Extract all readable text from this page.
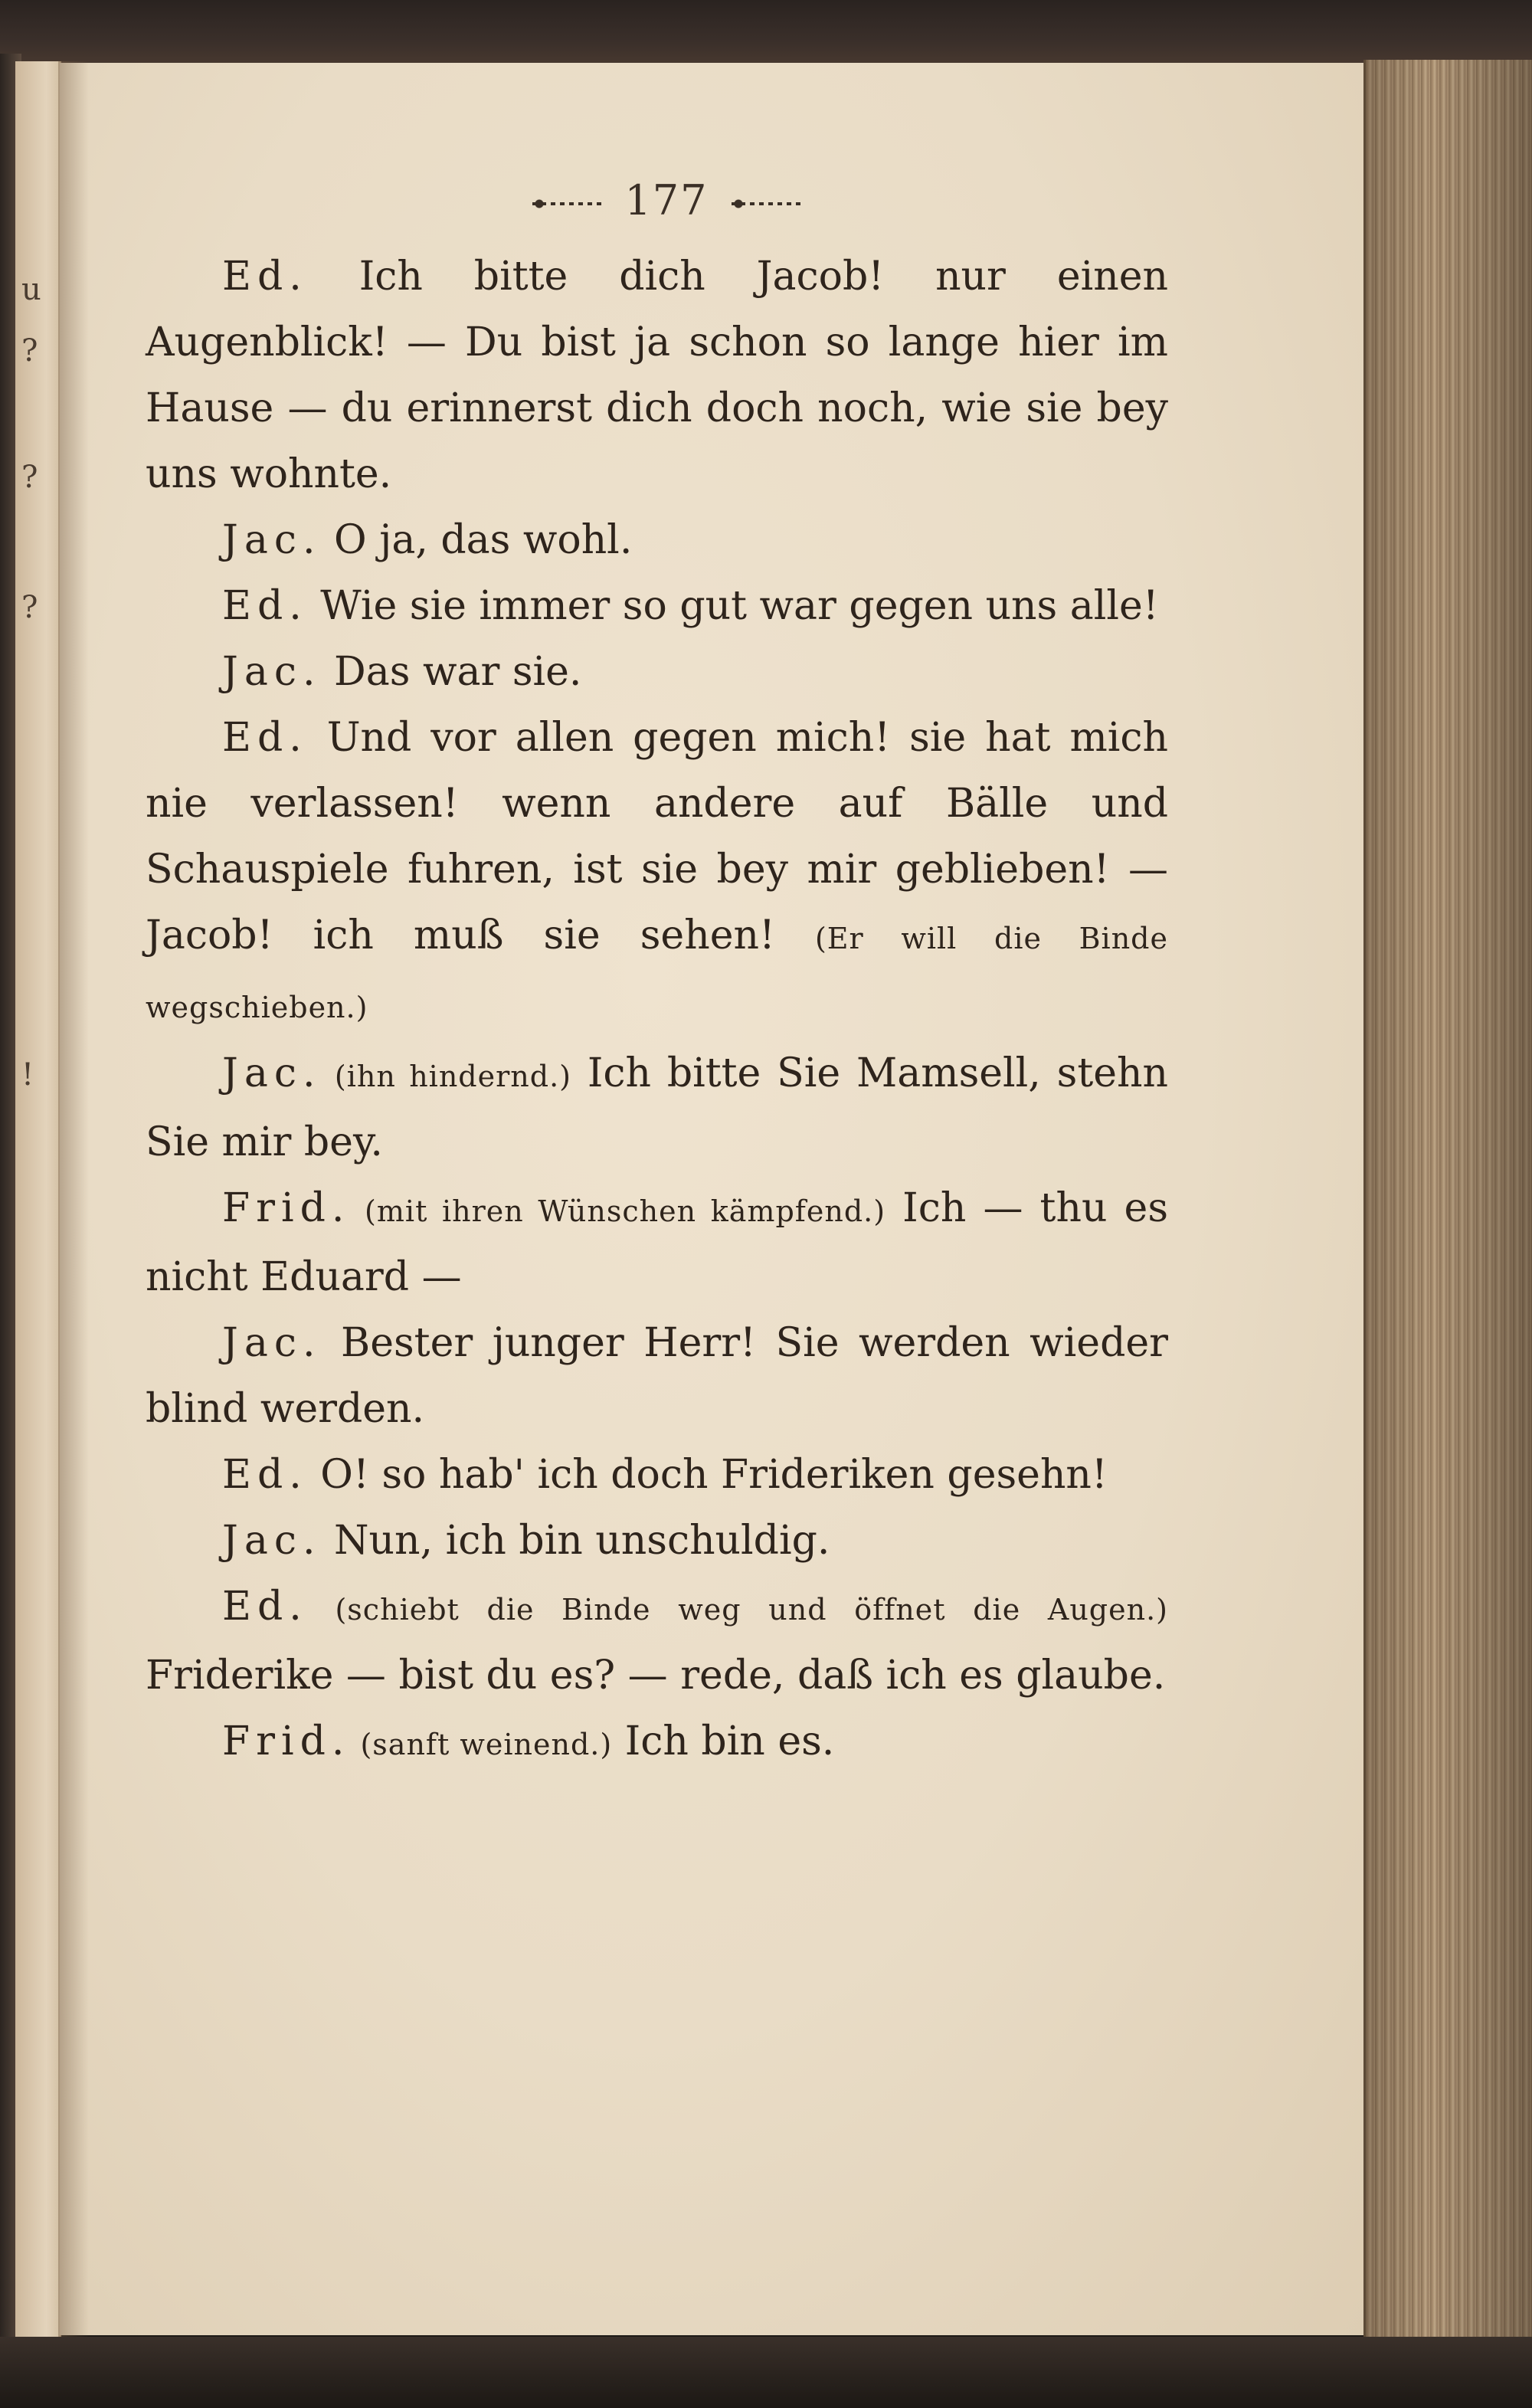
u
?
?
?
!
177

Ed. Ich bitte dich Jacob! nur einen Augenblick! — Du bist ja schon so lange hier im Hause — du erinnerst dich doch noch, wie sie bey uns wohnte.

Jac. O ja, das wohl.

Ed. Wie sie immer so gut war gegen uns alle!

Jac. Das war sie.

Ed. Und vor allen gegen mich! sie hat mich nie verlassen! wenn andere auf Bälle und Schauspiele fuhren, ist sie bey mir geblieben! — Jacob! ich muß sie sehen! (Er will die Binde wegschieben.)

Jac. (ihn hindernd.) Ich bitte Sie Mamsell, stehn Sie mir bey.

Frid. (mit ihren Wünschen kämpfend.) Ich — thu es nicht Eduard —

Jac. Bester junger Herr! Sie werden wieder blind werden.

Ed. O! so hab' ich doch Frideriken gesehn!

Jac. Nun, ich bin unschuldig.

Ed. (schiebt die Binde weg und öffnet die Augen.) Friderike — bist du es? — rede, daß ich es glaube.

Frid. (sanft weinend.) Ich bin es.
